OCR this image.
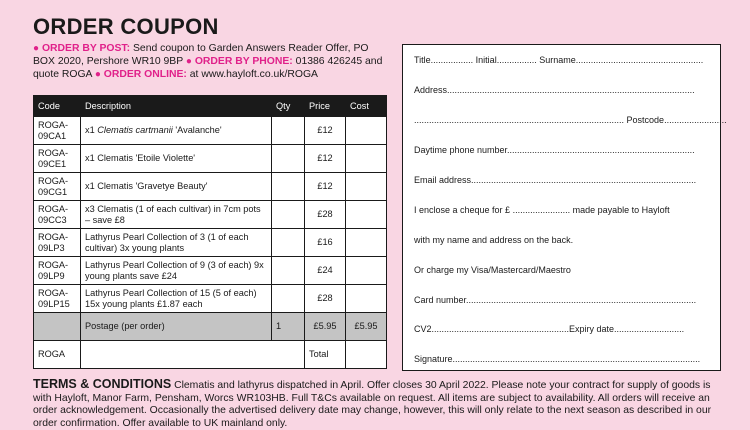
ORDER COUPON
● ORDER BY POST: Send coupon to Garden Answers Reader Offer, PO BOX 2020, Pershore WR10 9BP ● ORDER BY PHONE: 01386 426245 and quote ROGA ● ORDER ONLINE: at www.hayloft.co.uk/ROGA
Code	Description	Qty	Price	Cost
ROGA-09CA1	x1 Clematis cartmanii 'Avalanche'		£12	
ROGA-09CE1	x1 Clematis 'Etoile Violette'		£12	
ROGA-09CG1	x1 Clematis 'Gravetye Beauty'		£12	
ROGA-09CC3	x3 Clematis (1 of each cultivar) in 7cm pots – save £8		£28	
ROGA-09LP3	Lathyrus Pearl Collection of 3 (1 of each cultivar) 3x young plants		£16	
ROGA-09LP9	Lathyrus Pearl Collection of 9 (3 of each) 9x young plants save £24		£24	
ROGA-09LP15	Lathyrus Pearl Collection of 15 (5 of each) 15x young plants £1.87 each		£28	
	Postage (per order)	1	£5.95	£5.95
ROGA			Total	
Title................. Initial................ Surname...................................................
Address...................................................................................................
.................................................................................... Postcode.........................
Daytime phone number...........................................................................
Email address..........................................................................................
I enclose a cheque for £ ....................... made payable to Hayloft
with my name and address on the back.
Or charge my Visa/Mastercard/Maestro
Card number............................................................................................
CV2.......................................................Expiry date............................
Signature...................................................................................................
TERMS & CONDITIONS Clematis and lathyrus dispatched in April. Offer closes 30 April 2022. Please note your contract for supply of goods is with Hayloft, Manor Farm, Pensham, Worcs WR103HB. Full T&Cs available on request. All items are subject to availability. All orders will receive an order acknowledgement. Occasionally the advertised delivery date may change, however, this will only relate to the next season as described in our order confirmation. Offer available to UK mainland only.
